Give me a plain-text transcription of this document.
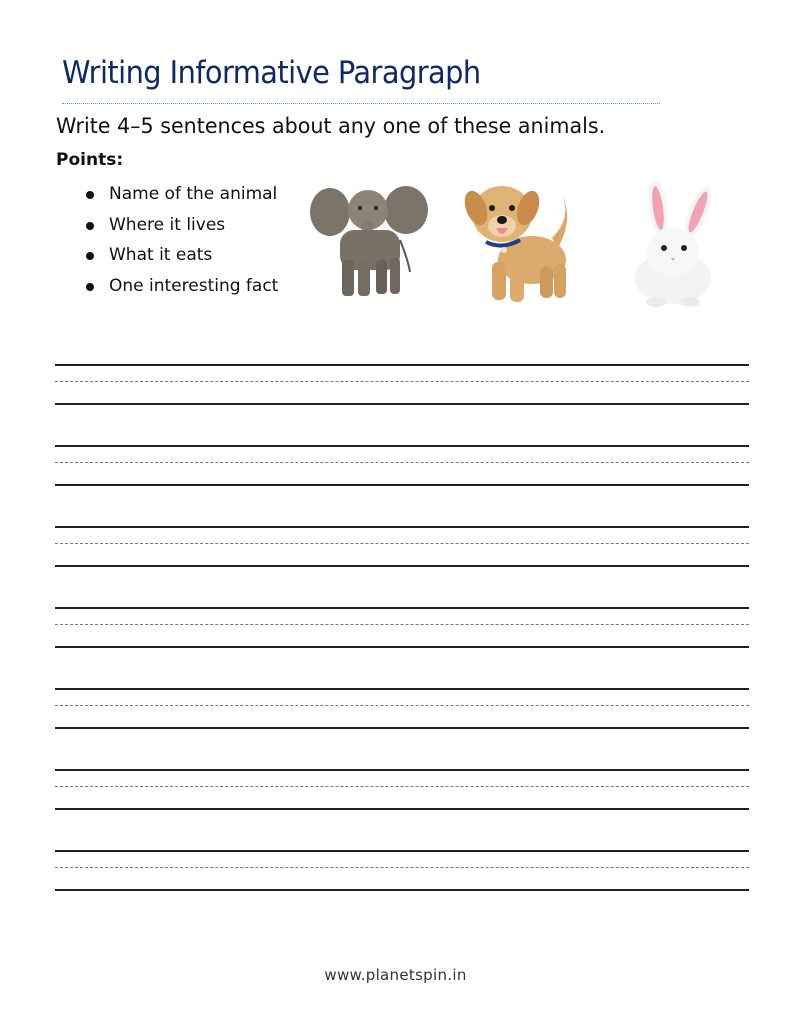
Writing Informative Paragraph
Write 4–5 sentences about any one of these animals.
Points:
Name of the animal
Where it lives
What it eats
One interesting fact
www.planetspin.in
